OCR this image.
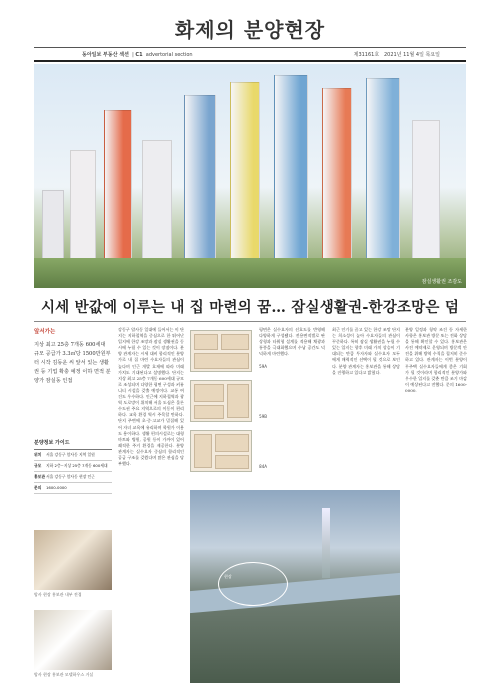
화제의 분양현장
동아일보 부동산 섹션  | C1 advertorial section	제31161호 2021년 11월 4일 목요일
잠실생활권 조감도
시세 반값에 이루는 내 집 마련의 꿈… 잠실생활권-한강조망은 덤
앞서가는
지상 최고 25층 7개동 600세대 규모 공급가 3.3㎡당 1500만원부터 시작 김동운 씨 앞서 있는 생활권 등 기업 확충 예정 이하 면적 분양가 잠실동 인접
분양정보 가이드
위치	서울 강동구 암사동 지역 일원
규모	지하 2층~지상 25층 7개동 600세대
홍보관 서울 강동구 암사동 현장 인근
문의	1600-0000
암사 현장 홍보관 내부 전경
암사 현장 홍보관 모델하우스 거실
강동구 암사동 일대에 들어서는 이 단지는 지하철역을 중심으로 한 뛰어난 입지에 한강 조망과 잠실 생활권을 동시에 누릴 수 있는 것이 장점이다. 분양 관계자는 시세 대비 합리적인 분양가로 내 집 마련 수요자들의 관심이 높다며 인근 개발 호재에 따라 미래 가치도 기대된다고 설명했다. 단지는 지상 최고 25층 7개동 600세대 규모로 조성되며 다양한 평면 구성과 커뮤니티 시설을 갖출 예정이다. 교통 여건도 우수하다. 인근에 지하철역과 광역 도로망이 위치해 서울 도심은 물론 수도권 주요 지역으로의 이동이 편리하다. 교육 환경 역시 주목할 만하다. 단지 주변에 초·중·고교가 밀집해 있어 자녀 교육에 유리하며 학원가 이용도 용이하다. 생활 편의시설로는 대형마트와 병원, 공원 등이 가까이 있어 쾌적한 주거 환경을 제공한다. 분양 관계자는 실수요자 중심의 합리적인 공급 구조를 갖췄다며 많은 관심을 당부했다.
59A
59B
84A
평면은 실수요자의 선호도를 반영해 다양하게 구성됐다. 전용면적별로 판상형과 타워형 설계를 적용해 채광과 통풍을 극대화했으며 수납 공간도 넉넉하게 마련했다.
최근 인기를 끌고 있는 한강 조망 단지는 희소성이 높아 수요자들의 관심이 꾸준하다. 특히 잠실 생활권을 누릴 수 있는 입지는 향후 미래 가치 상승이 기대되는 만큼 투자자와 실수요자 모두에게 매력적인 선택이 될 것으로 보인다. 분양 관계자는 홍보관을 통해 상담을 진행하고 있다고 밝혔다.
분양 일정과 청약 조건 등 자세한 사항은 홍보관 방문 또는 전화 상담을 통해 확인할 수 있다. 홍보관은 사전 예약제로 운영되며 방문객 안전을 위해 방역 수칙을 철저히 준수하고 있다. 관계자는 이번 분양이 무주택 실수요자들에게 좋은 기회가 될 것이라며 합리적인 분양가와 우수한 입지를 갖춘 만큼 조기 마감이 예상된다고 전했다. 문의 1600-0000.
현장
